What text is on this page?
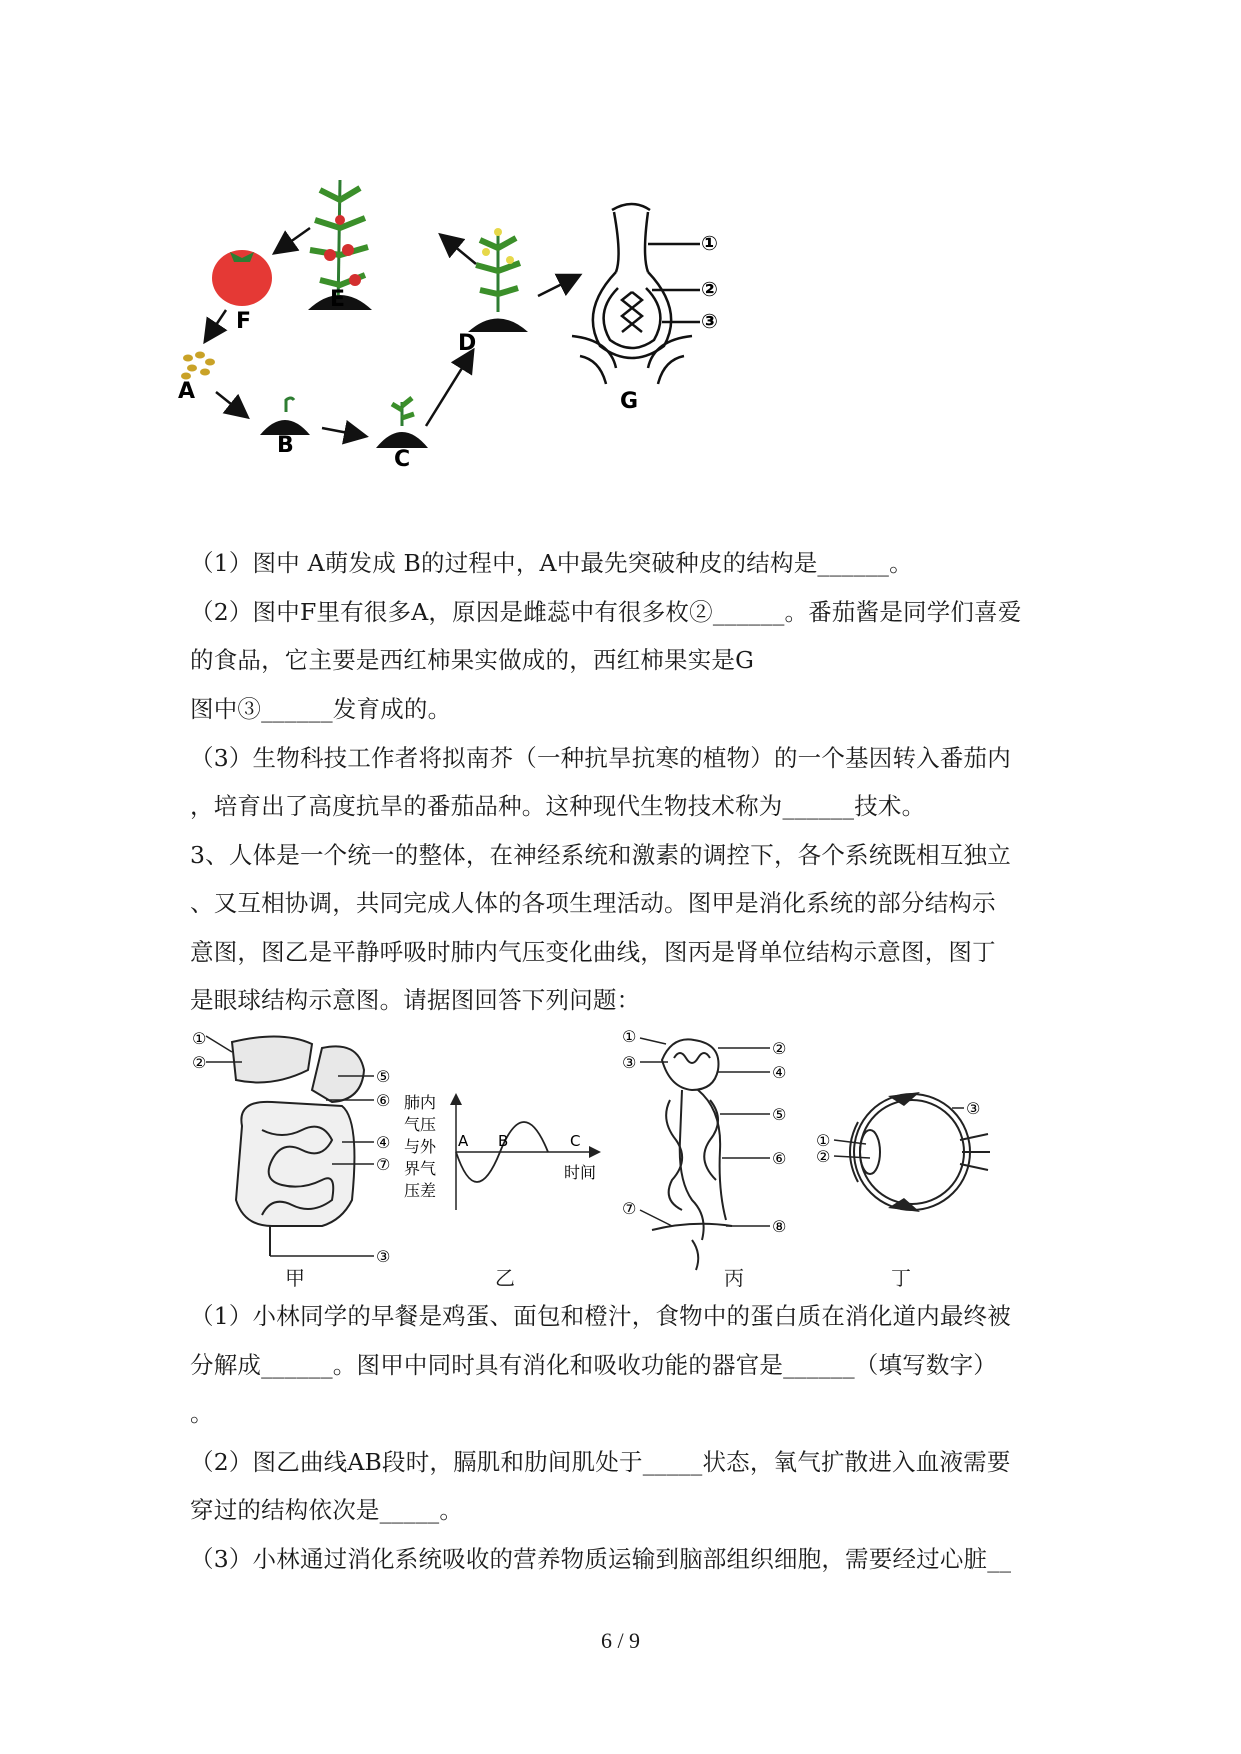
E
F
A
B
C
D
①
②
③
G
（1）图中 A萌发成 B的过程中，A中最先突破种皮的结构是______。
（2）图中F里有很多A，原因是雌蕊中有很多枚②______。番茄酱是同学们喜爱
的食品，它主要是西红柿果实做成的，西红柿果实是G
图中③______发育成的。
（3）生物科技工作者将拟南芥（一种抗旱抗寒的植物）的一个基因转入番茄内
，培育出了高度抗旱的番茄品种。这种现代生物技术称为______技术。
3、人体是一个统一的整体，在神经系统和激素的调控下，各个系统既相互独立
、又互相协调，共同完成人体的各项生理活动。图甲是消化系统的部分结构示
意图，图乙是平静呼吸时肺内气压变化曲线，图丙是肾单位结构示意图，图丁
是眼球结构示意图。请据图回答下列问题：
①
②
⑤
⑥
④
⑦
③
甲
肺内
气压
与外
界气
压差
A B	C
时间
乙
①
②
③
④
⑤
⑥
⑦
⑧
丙
①
②
③
丁
（1）小林同学的早餐是鸡蛋、面包和橙汁，食物中的蛋白质在消化道内最终被
分解成______。图甲中同时具有消化和吸收功能的器官是______（填写数字）
。
（2）图乙曲线AB段时，膈肌和肋间肌处于_____状态，氧气扩散进入血液需要
穿过的结构依次是_____。
（3）小林通过消化系统吸收的营养物质运输到脑部组织细胞，需要经过心脏__
6 / 9
